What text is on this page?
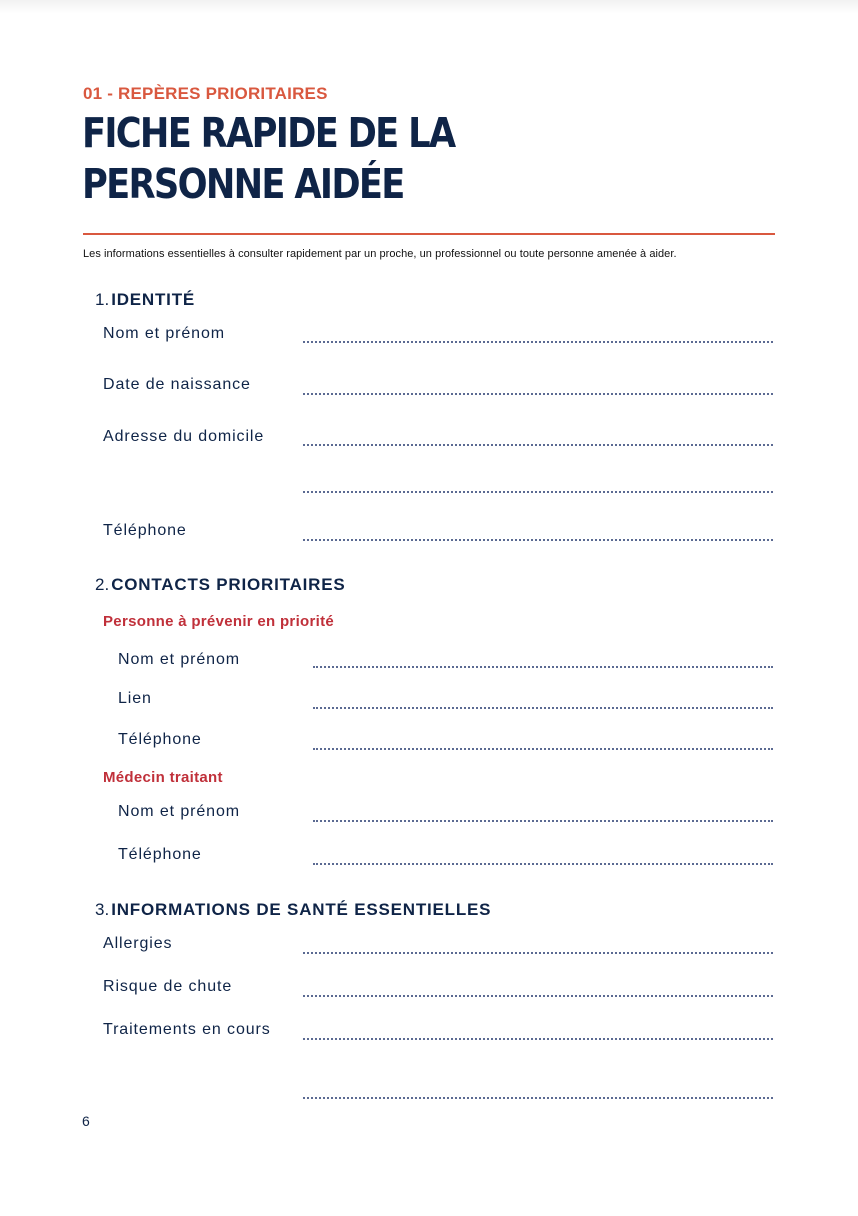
01 - REPÈRES PRIORITAIRES
FICHE RAPIDE DE LA
PERSONNE AIDÉE
Les informations essentielles à consulter rapidement par un proche, un professionnel ou toute personne amenée à aider.
1. IDENTITÉ
Nom et prénom
Date de naissance
Adresse du domicile
Téléphone
2. CONTACTS PRIORITAIRES
Personne à prévenir en priorité
Nom et prénom
Lien
Téléphone
Médecin traitant
Nom et prénom
Téléphone
3. INFORMATIONS DE SANTÉ ESSENTIELLES
Allergies
Risque de chute
Traitements en cours
6
